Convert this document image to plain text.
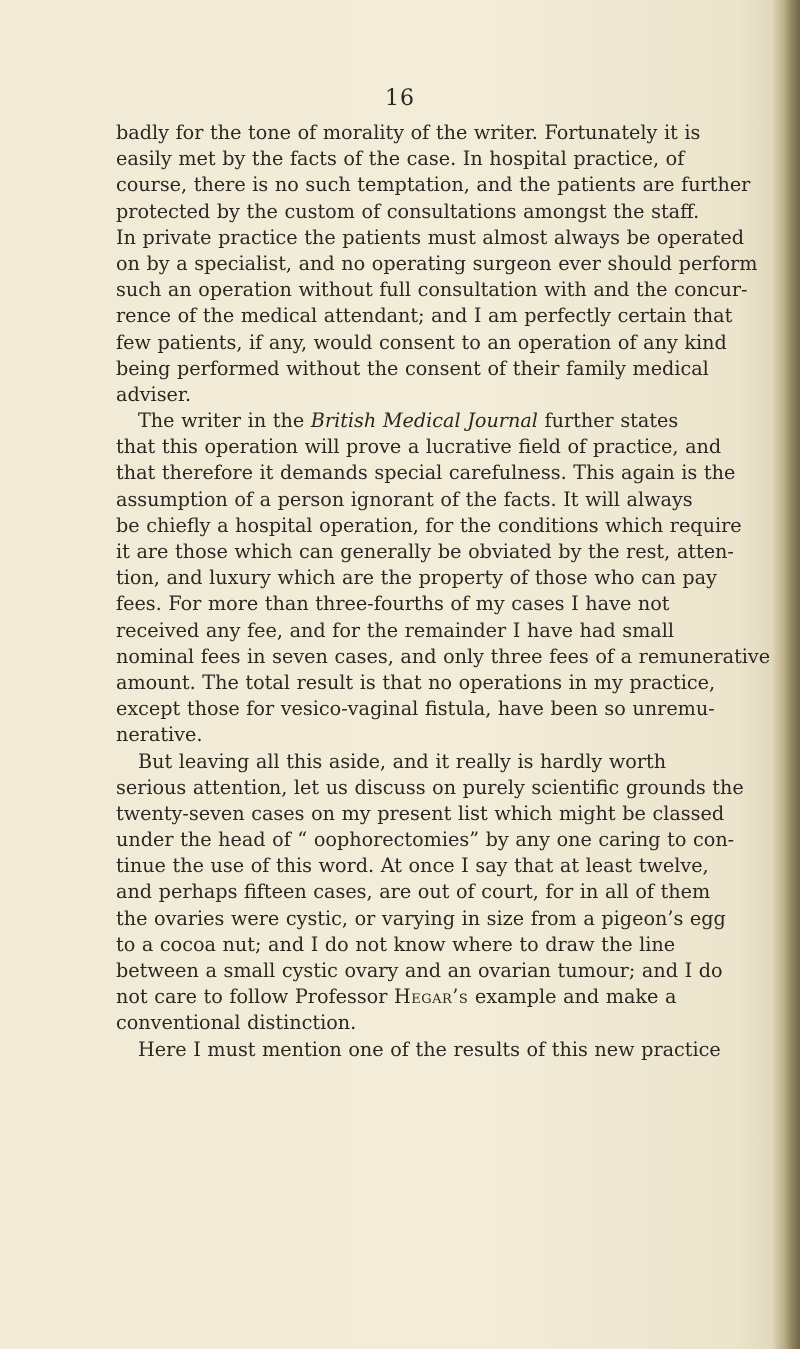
16
badly for the tone of morality of the writer. Fortunately it is
easily met by the facts of the case. In hospital practice, of
course, there is no such temptation, and the patients are further
protected by the custom of consultations amongst the staff.
In private practice the patients must almost always be operated
on by a specialist, and no operating surgeon ever should perform
such an operation without full consultation with and the concur-
rence of the medical attendant; and I am perfectly certain that
few patients, if any, would consent to an operation of any kind
being performed without the consent of their family medical
adviser.
The writer in the British Medical Journal further states
that this operation will prove a lucrative field of practice, and
that therefore it demands special carefulness. This again is the
assumption of a person ignorant of the facts. It will always
be chiefly a hospital operation, for the conditions which require
it are those which can generally be obviated by the rest, atten-
tion, and luxury which are the property of those who can pay
fees. For more than three-fourths of my cases I have not
received any fee, and for the remainder I have had small
nominal fees in seven cases, and only three fees of a remunerative
amount. The total result is that no operations in my practice,
except those for vesico-vaginal fistula, have been so unremu-
nerative.
But leaving all this aside, and it really is hardly worth
serious attention, let us discuss on purely scientific grounds the
twenty-seven cases on my present list which might be classed
under the head of “ oophorectomies” by any one caring to con-
tinue the use of this word. At once I say that at least twelve,
and perhaps fifteen cases, are out of court, for in all of them
the ovaries were cystic, or varying in size from a pigeon’s egg
to a cocoa nut; and I do not know where to draw the line
between a small cystic ovary and an ovarian tumour; and I do
not care to follow Professor Hegar’s example and make a
conventional distinction.
Here I must mention one of the results of this new practice
